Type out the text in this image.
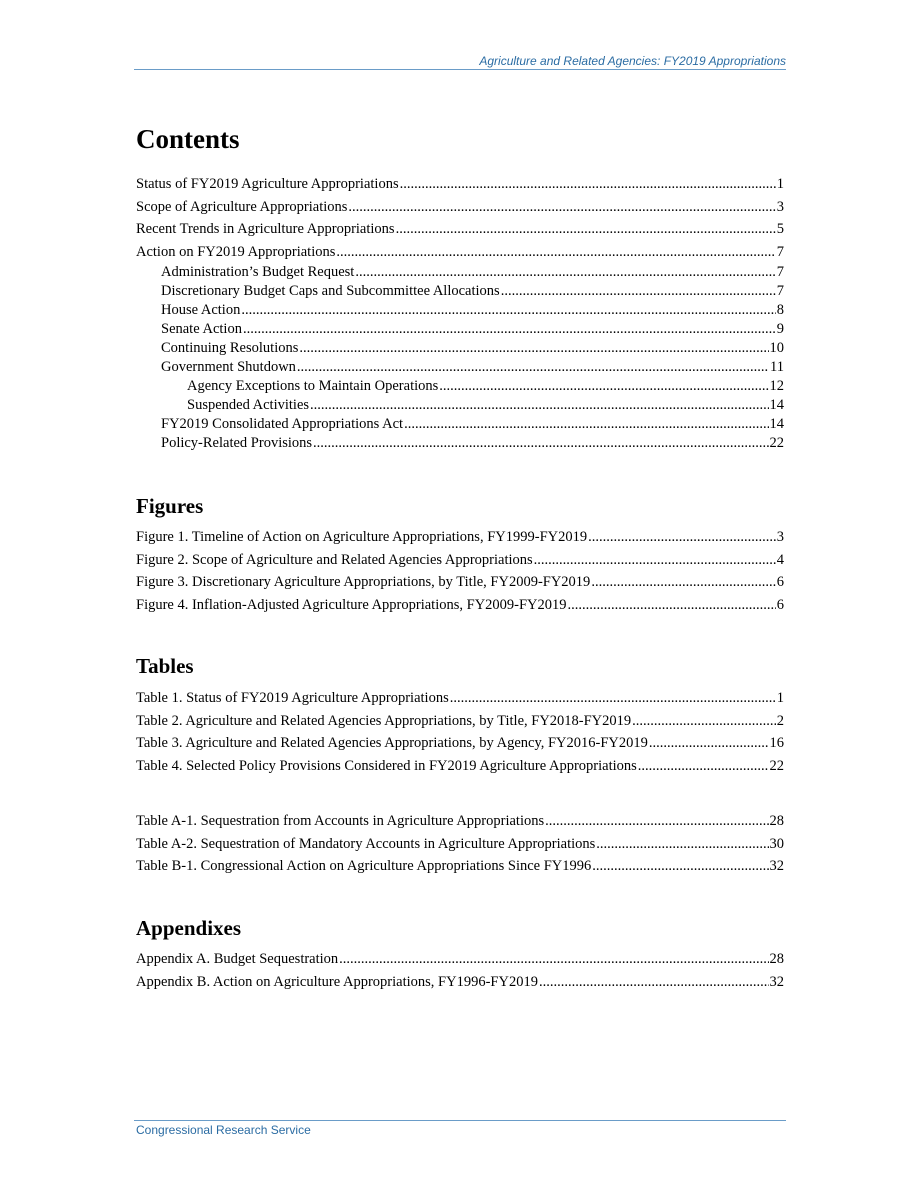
Agriculture and Related Agencies: FY2019 Appropriations
Contents
Status of FY2019 Agriculture Appropriations .....	1
Scope of Agriculture Appropriations .....	3
Recent Trends in Agriculture Appropriations .....	5
Action on FY2019 Appropriations .....	7
Administration’s Budget Request .....	7
Discretionary Budget Caps and Subcommittee Allocations .....	7
House Action .....	8
Senate Action .....	9
Continuing Resolutions .....	10
Government Shutdown .....	11
Agency Exceptions to Maintain Operations .....	12
Suspended Activities .....	14
FY2019 Consolidated Appropriations Act .....	14
Policy-Related Provisions .....	22
Figures
Figure 1. Timeline of Action on Agriculture Appropriations, FY1999-FY2019 .....	3
Figure 2. Scope of Agriculture and Related Agencies Appropriations .....	4
Figure 3. Discretionary Agriculture Appropriations, by Title, FY2009-FY2019 .....	6
Figure 4. Inflation-Adjusted Agriculture Appropriations, FY2009-FY2019 .....	6
Tables
Table 1. Status of FY2019 Agriculture Appropriations .....	1
Table 2. Agriculture and Related Agencies Appropriations, by Title, FY2018-FY2019 .....	2
Table 3. Agriculture and Related Agencies Appropriations, by Agency, FY2016-FY2019 .....	16
Table 4. Selected Policy Provisions Considered in FY2019 Agriculture Appropriations .....	22
Table A-1. Sequestration from Accounts in Agriculture Appropriations .....	28
Table A-2. Sequestration of Mandatory Accounts in Agriculture Appropriations .....	30
Table B-1. Congressional Action on Agriculture Appropriations Since FY1996 .....	32
Appendixes
Appendix A. Budget Sequestration .....	28
Appendix B. Action on Agriculture Appropriations, FY1996-FY2019 .....	32
Congressional Research Service
